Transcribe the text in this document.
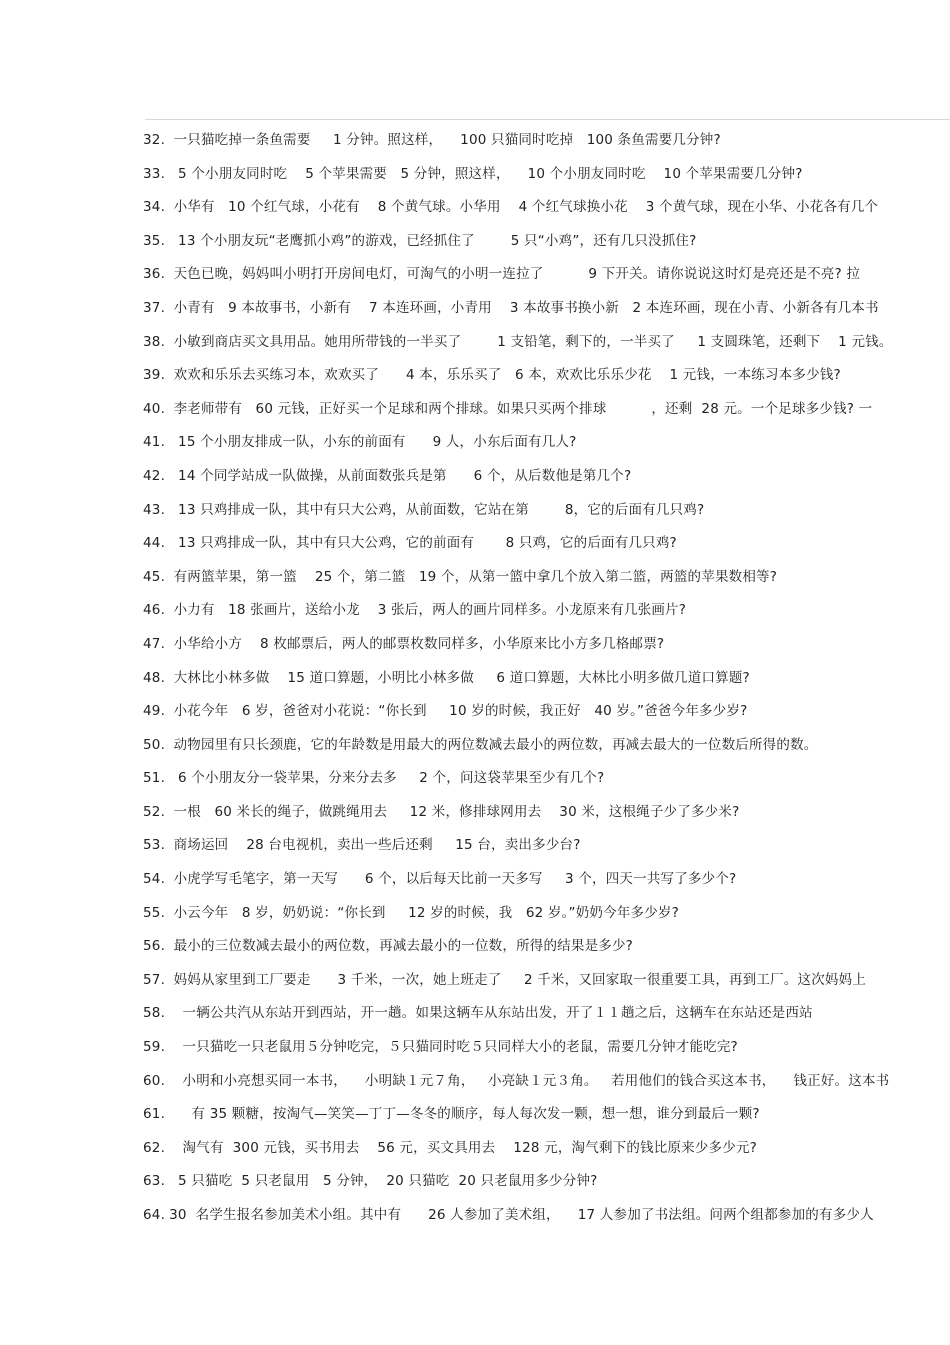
32. 一只猫吃掉一条鱼需要     1 分钟。照这样，    100 只猫同时吃掉   100 条鱼需要几分钟?
33.  5 个小朋友同时吃    5 个苹果需要   5 分钟，照这样，    10 个小朋友同时吃    10 个苹果需要几分钟?
34. 小华有   10 个红气球，小花有    8 个黄气球。小华用    4 个红气球换小花    3 个黄气球，现在小华、小花各有几个
35.  13 个小朋友玩“老鹰抓小鸡”的游戏，已经抓住了        5 只“小鸡”，还有几只没抓住?
36. 天色已晚，妈妈叫小明打开房间电灯，可淘气的小明一连拉了          9 下开关。请你说说这时灯是亮还是不亮? 拉
37. 小青有   9 本故事书，小新有    7 本连环画，小青用    3 本故事书换小新   2 本连环画，现在小青、小新各有几本书
38. 小敏到商店买文具用品。她用所带钱的一半买了        1 支铅笔，剩下的，一半买了     1 支圆珠笔，还剩下    1 元钱。
39. 欢欢和乐乐去买练习本，欢欢买了      4 本，乐乐买了   6 本，欢欢比乐乐少花    1 元钱，一本练习本多少钱?
40. 李老师带有   60 元钱，正好买一个足球和两个排球。如果只买两个排球          ，还剩  28 元。一个足球多少钱? 一
41.  15 个小朋友排成一队，小东的前面有      9 人，小东后面有几人?
42.  14 个同学站成一队做操，从前面数张兵是第      6 个，从后数他是第几个?
43.  13 只鸡排成一队，其中有只大公鸡，从前面数，它站在第        8，它的后面有几只鸡?
44.  13 只鸡排成一队，其中有只大公鸡，它的前面有       8 只鸡，它的后面有几只鸡?
45. 有两篮苹果，第一篮    25 个，第二篮   19 个，从第一篮中拿几个放入第二篮，两篮的苹果数相等?
46. 小力有   18 张画片，送给小龙    3 张后，两人的画片同样多。小龙原来有几张画片?
47. 小华给小方    8 枚邮票后，两人的邮票枚数同样多，小华原来比小方多几格邮票?
48. 大林比小林多做    15 道口算题，小明比小林多做     6 道口算题，大林比小明多做几道口算题?
49. 小花今年   6 岁，爸爸对小花说：“你长到     10 岁的时候，我正好   40 岁。”爸爸今年多少岁?
50. 动物园里有只长颈鹿，它的年龄数是用最大的两位数减去最小的两位数，再减去最大的一位数后所得的数。
51.  6 个小朋友分一袋苹果，分来分去多     2 个，问这袋苹果至少有几个?
52. 一根   60 米长的绳子，做跳绳用去     12 米，修排球网用去    30 米，这根绳子少了多少米?
53. 商场运回    28 台电视机，卖出一些后还剩     15 台，卖出多少台?
54. 小虎学写毛笔字，第一天写      6 个，以后每天比前一天多写     3 个，四天一共写了多少个?
55. 小云今年   8 岁，奶奶说：“你长到     12 岁的时候，我   62 岁。”奶奶今年多少岁?
56. 最小的三位数减去最小的两位数，再减去最小的一位数，所得的结果是多少?
57. 妈妈从家里到工厂要走      3 千米，一次，她上班走了     2 千米，又回家取一很重要工具，再到工厂。这次妈妈上
58.   一辆公共汽从东站开到西站，开一趟。如果这辆车从东站出发，开了１１趟之后，这辆车在东站还是西站
59.   一只猫吃一只老鼠用５分钟吃完，５只猫同时吃５只同样大小的老鼠，需要几分钟才能吃完?
60.   小明和小亮想买同一本书，    小明缺１元７角，   小亮缺１元３角。   若用他们的钱合买这本书，    钱正好。这本书
61.     有 35 颗糖，按淘气—笑笑—丁丁—冬冬的顺序，每人每次发一颗，想一想，谁分到最后一颗?
62.   淘气有  300 元钱，买书用去    56 元，买文具用去    128 元，淘气剩下的钱比原来少多少元?
63.  5 只猫吃  5 只老鼠用   5 分钟，  20 只猫吃  20 只老鼠用多少分钟?
64. 30  名学生报名参加美术小组。其中有      26 人参加了美术组，    17 人参加了书法组。问两个组都参加的有多少人
